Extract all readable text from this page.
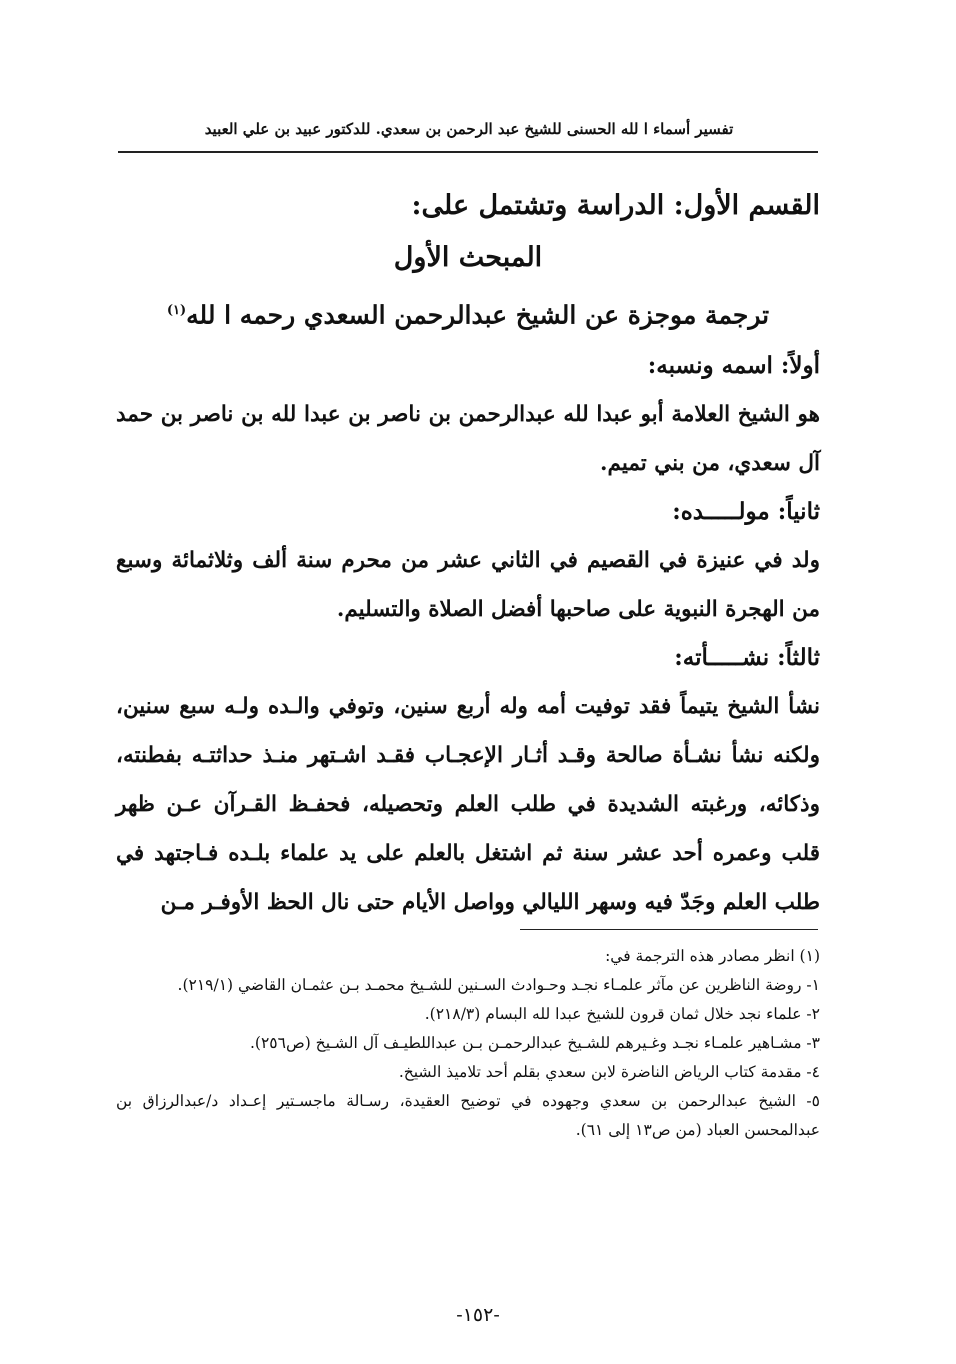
تفسير أسماء ا لله الحسنى للشيخ عبد الرحمن بن سعدي. للدكتور عبيد بن علي العبيد

القسم الأول: الدراسة وتشتمل على:

المبحث الأول

ترجمة موجزة عن الشيخ عبدالرحمن السعدي رحمه ا لله$^{(١)}$

أولاً: اسمه ونسبه:

هو الشيخ العلامة أبو عبدا لله عبدالرحمن بن ناصر بن عبدا لله بن ناصر بن حمد آل سعدي، من بني تميم.

ثانياً: مولـــــده:

ولد في عنيزة في القصيم في الثاني عشر من محرم سنة ألف وثلاثمائة وسبع من الهجرة النبوية على صاحبها أفضل الصلاة والتسليم.

ثالثاً: نشـــــأته:

نشأ الشيخ يتيماً فقد توفيت أمه وله أربع سنين، وتوفي والـده ولـه سبع سنين، ولكنه نشأ نشـأة صالحة وقـد أثـار الإعجـاب فقـد اشـتهر منـذ حداثتـه بفطنته، وذكائه، ورغبته الشديدة في طلب العلم وتحصيله، فحفـظ القـرآن عـن ظهر قلب وعمره أحد عشر سنة ثم اشتغل بالعلم على يد علماء بلـده فـاجتهد في طلب العلم وجَدّ فيه وسهر الليالي وواصل الأيام حتى نال الحظ الأوفـر مـن

(١) انظر مصادر هذه الترجمة في:

١- روضة الناظرين عن مآثر علمـاء نجـد وحـوادث السـنين للشـيخ محمـد بـن عثمـان القاضي (٢١٩/١).

٢- علماء نجد خلال ثمان قرون للشيخ عبدا لله البسام (٢١٨/٣).

٣- مشـاهير علمـاء نجـد وغـيرهم للشـيخ عبدالرحمـن بـن عبداللطيـف آل الشـيخ (ص٢٥٦).

٤- مقدمة كتاب الرياض الناضرة لابن سعدي بقلم أحد تلاميذ الشيخ.

٥- الشيخ عبدالرحمن بن سعدي وجهوده في توضيح العقيدة، رسـالة ماجسـتير إعـداد د/عبدالرزاق بن عبدالمحسن العباد (من ص١٣ إلى ٦١).

-١٥٢-
